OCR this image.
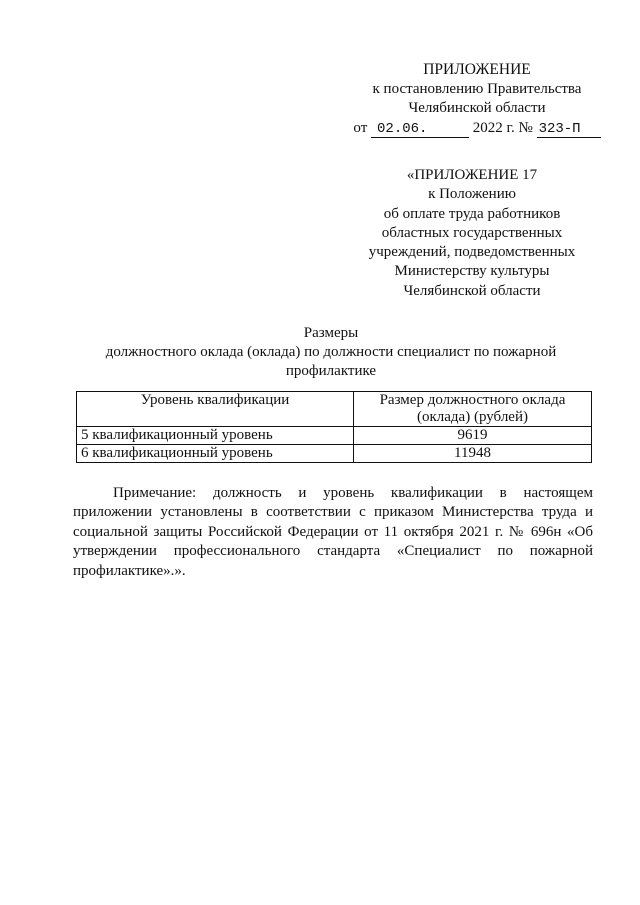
ПРИЛОЖЕНИЕ
к постановлению Правительства
Челябинской области
от 02.06.	2022 г. № 323-П
«ПРИЛОЖЕНИЕ 17
к Положению
об оплате труда работников
областных государственных
учреждений, подведомственных
Министерству культуры
Челябинской области
Размеры
должностного оклада (оклада) по должности специалист по пожарной профилактике
Уровень квалификации	Размер должностного оклада (оклада) (рублей)
5 квалификационный уровень	9619
6 квалификационный уровень	11948
Примечание: должность и уровень квалификации в настоящем приложении установлены в соответствии с приказом Министерства труда и социальной защиты Российской Федерации от 11 октября 2021 г. № 696н «Об утверждении профессионального стандарта «Специалист по пожарной профилактике».».
